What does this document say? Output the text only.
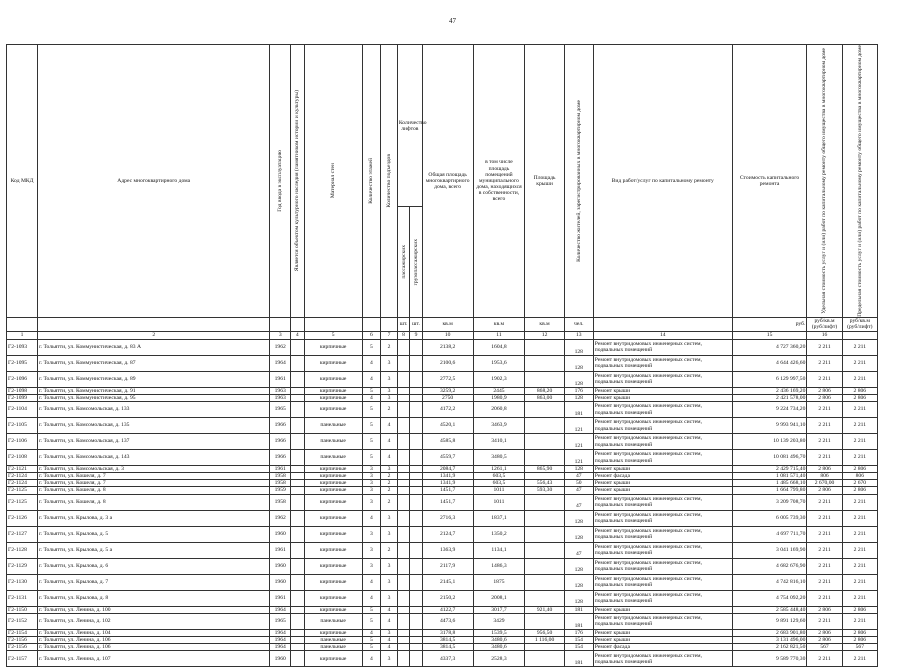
47
Код МКД	Адрес многоквартирного дома	Год ввода в эксплуатацию	Является объектом культурного наследия (памятником истории и культуры)	Материал стен	Количество этажей	Количество подъездов	Количество лифтов		Общая площадь многоквартирного дома, всего	в том числе площадь помещений муниципального дома, находящихся в собственности, всего	Площадь крыши	Количество жителей, зарегистрированных в многоквартирном доме	Вид работ/услуг по капитальному ремонту	Стоимость капитального ремонта	Удельная стоимость услуг и (или) работ по капитальному ремонту общего имущества в многоквартирном доме	Предельная стоимость услуг и (или) работ по капитальному ремонту общего имущества в многоквартирном доме

							пассажирских	грузопассажирских								

							шт.	шт.	кв.м	кв.м	кв.м	чел.		руб.	руб/кв.м (руб/лифт)	руб/кв.м (руб/лифт)
1	2	3	4	5	6	7	8	9	10	11	12	13	14	15	16	
Г2-1093	г. Тольятти, ул. Коммунистическая, д. 83 А	1962		кирпичные	5	2			2138,2	1604,8		128	Ремонт внутридомовых инженерных систем, подвальных помещений	4 727 360,20	2 211	2 211
Г2-1095	г. Тольятти, ул. Коммунистическая, д. 87	1964		кирпичные	4	3			2100,6	1953,6		128	Ремонт внутридомовых инженерных систем, подвальных помещений	4 644 426,60	2 211	2 211
Г2-1096	г. Тольятти, ул. Коммунистическая, д. 89	1961		кирпичные	4	3			2772,5	1902,3		128	Ремонт внутридомовых инженерных систем, подвальных помещений	6 129 997,50	2 211	2 211
Г2-1098	г. Тольятти, ул. Коммунистическая, д. 91	1963		кирпичные	5	3			3259,2	2445	868,20	176	Ремонт крыши	2 436 169,20	2 806	2 806
Г2-1099	г. Тольятти, ул. Коммунистическая, д. 95	1963		кирпичные	4	3			2750	1980,9	863,00	128	Ремонт крыши	2 421 578,00	2 806	2 806
Г2-1104	г. Тольятти, ул. Комсомольская, д. 133	1965		кирпичные	5	2			4172,2	2060,8		181	Ремонт внутридомовых инженерных систем, подвальных помещений	9 224 734,20	2 211	2 211
Г2-1105	г. Тольятти, ул. Комсомольская, д. 135	1966		панельные	5	4			4520,1	3463,9		121	Ремонт внутридомовых инженерных систем, подвальных помещений	9 993 941,10	2 211	2 211
Г2-1106	г. Тольятти, ул. Комсомольская, д. 137	1966		панельные	5	4			4585,8	3410,1		121	Ремонт внутридомовых инженерных систем, подвальных помещений	10 139 203,80	2 211	2 211
Г2-1108	г. Тольятти, ул. Комсомольская, д. 143	1966		панельные	5	4			4559,7	3480,5		121	Ремонт внутридомовых инженерных систем, подвальных помещений	10 081 496,70	2 211	2 211
Г2-1121	г. Тольятти, ул. Комсомольская, д. 3	1961		кирпичные	3	3			2084,7	1261,1	865,90	128	Ремонт крыши	2 429 715,40	2 806	2 806
Г2-1124	г. Тольятти, ул. Кошеля, д. 7	1958		кирпичные	3	2			1341,9	603,5		47	Ремонт фасада	1 081 571,40	806	806
Г2-1124	г. Тольятти, ул. Кошеля, д. 7	1958		кирпичные	3	2			1341,9	603,5	556,43	50	Ремонт крыши	1 485 668,10	2 670,00	2 670
Г2-1125	г. Тольятти, ул. Кошеля, д. 8	1959		кирпичные	3	2			1451,7	1011	593,30	47	Ремонт крыши	1 664 799,80	2 806	2 806
Г2-1125	г. Тольятти, ул. Кошеля, д. 8	1958		кирпичные	3	2			1451,7	1011		47	Ремонт внутридомовых инженерных систем, подвальных помещений	3 209 708,70	2 211	2 211
Г2-1126	г. Тольятти, ул. Крылова, д. 3 а	1962		кирпичные	4	3			2716,3	1837,1		128	Ремонт внутридомовых инженерных систем, подвальных помещений	6 005 739,30	2 211	2 211
Г2-1127	г. Тольятти, ул. Крылова, д. 5	1960		кирпичные	3	3			2124,7	1350,2		128	Ремонт внутридомовых инженерных систем, подвальных помещений	4 697 711,70	2 211	2 211
Г2-1128	г. Тольятти, ул. Крылова, д. 5 а	1961		кирпичные	3	2			1363,9	1134,1		47	Ремонт внутридомовых инженерных систем, подвальных помещений	3 041 169,90	2 211	2 211
Г2-1129	г. Тольятти, ул. Крылова, д. 6	1960		кирпичные	3	3			2117,9	1486,3		128	Ремонт внутридомовых инженерных систем, подвальных помещений	4 682 676,90	2 211	2 211
Г2-1130	г. Тольятти, ул. Крылова, д. 7	1960		кирпичные	4	3			2145,1	1875		128	Ремонт внутридомовых инженерных систем, подвальных помещений	4 742 816,10	2 211	2 211
Г2-1131	г. Тольятти, ул. Крылова, д. 8	1961		кирпичные	4	3			2150,2	2008,1		128	Ремонт внутридомовых инженерных систем, подвальных помещений	4 754 092,20	2 211	2 211
Г2-1150	г. Тольятти, ул. Ленина, д. 100	1964		кирпичные	5	4			4122,7	3017,7	921,40	181	Ремонт крыши	2 585 448,40	2 806	2 806
Г2-1152	г. Тольятти, ул. Ленина, д. 102	1965		панельные	5	4			4473,6	3429		181	Ремонт внутридомовых инженерных систем, подвальных помещений	9 891 129,60	2 211	2 211
Г2-1154	г. Тольятти, ул. Ленина, д. 104	1964		кирпичные	4	3			3178,8	1539,5	956,50	176	Ремонт крыши	2 683 901,80	2 806	2 806
Г2-1156	г. Тольятти, ул. Ленина, д. 106	1964		панельные	5	4			3814,5	3480,6	1 116,00	154	Ремонт крыши	3 131 496,00	2 806	2 806
Г2-1156	г. Тольятти, ул. Ленина, д. 106	1964		панельные	5	4			3814,5	3480,6		154	Ремонт фасада	2 162 821,50	567	567
Г2-1157	г. Тольятти, ул. Ленина, д. 107	1960		кирпичные	4	3			4337,3	2528,3		181	Ремонт внутридомовых инженерных систем, подвальных помещений	9 589 770,30	2 211	2 211
